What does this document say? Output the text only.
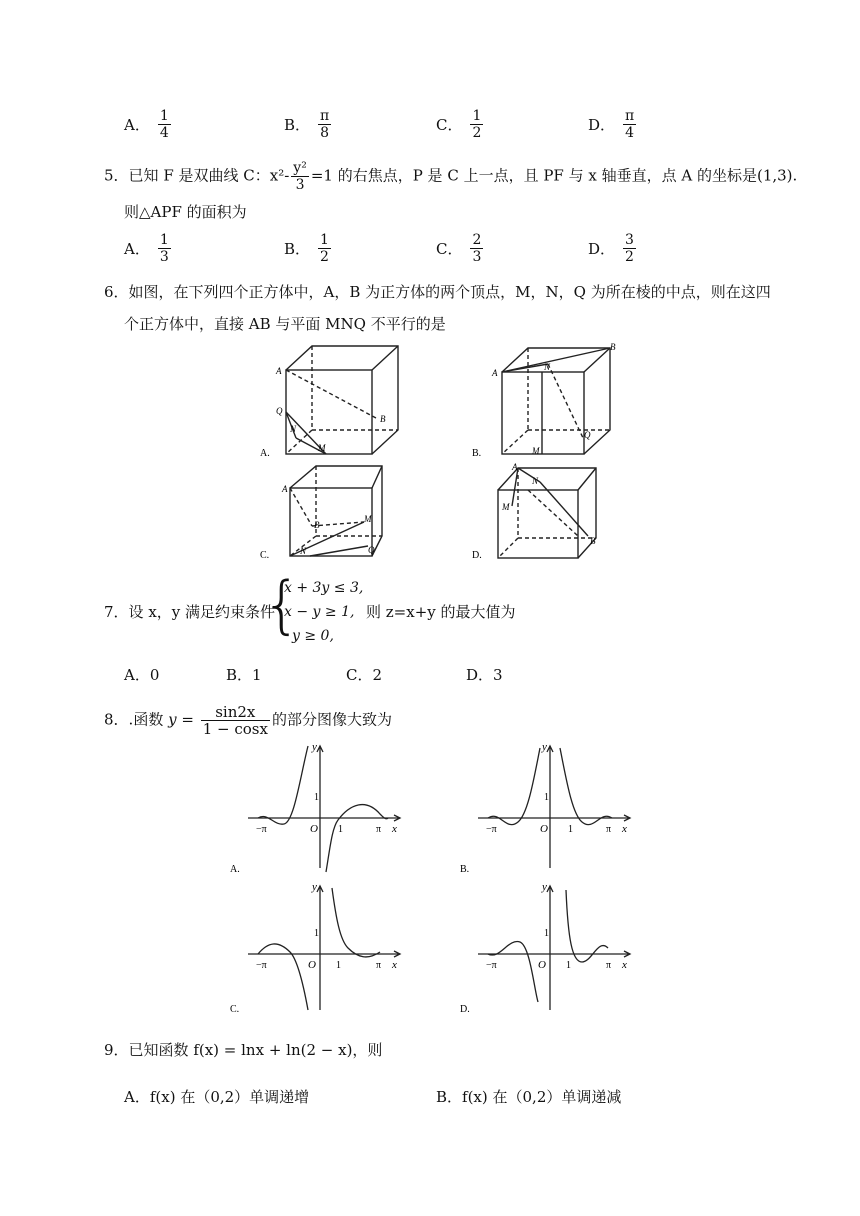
A． $\frac{1}{4}$	B． $\frac{\pi}{8}$	C． $\frac{1}{2}$	D． $\frac{\pi}{4}$
5．已知 F 是双曲线 C：$x^2- \frac{\text{y²}}{3} =1$ 的右焦点，P 是 C 上一点，且 PF 与 x 轴垂直，点 A 的坐标是(1,3).
则△APF 的面积为
A． $\frac{1}{3}$	B． $\frac{1}{2}$	C． $\frac{2}{3}$	D． $\frac{3}{2}$
6．如图，在下列四个正方体中，A，B 为正方体的两个顶点，M，N，Q 为所在棱的中点，则在这四
个正方体中，直接 AB 与平面 MNQ 不平行的是
A
Q
N
M
B
A.
A
N
B
M
Q
B.
A
B
M
N	Q
C.
A
N
M
B
D.
7．设 x，y 满足约束条件
{
x + 3y ≤ 3,
x − y ≥ 1,
y ≥ 0,
则 z=x+y 的最大值为
A．0	B．1	C．2	D．3
8．.函数 $y = \frac{\sin 2x}{1 - \cos x}$ 的部分图像大致为
y
x
O
1
1
−π	π
A.
y
x
O
1
1
−π	π
B.
y
x
O
1
1
−π	π
C.
y
x
O
1
1
−π	π
D.
9．已知函数 f(x) = lnx + ln(2 − x)，则
A．f(x) 在（0,2）单调递增	B．f(x) 在（0,2）单调递减
